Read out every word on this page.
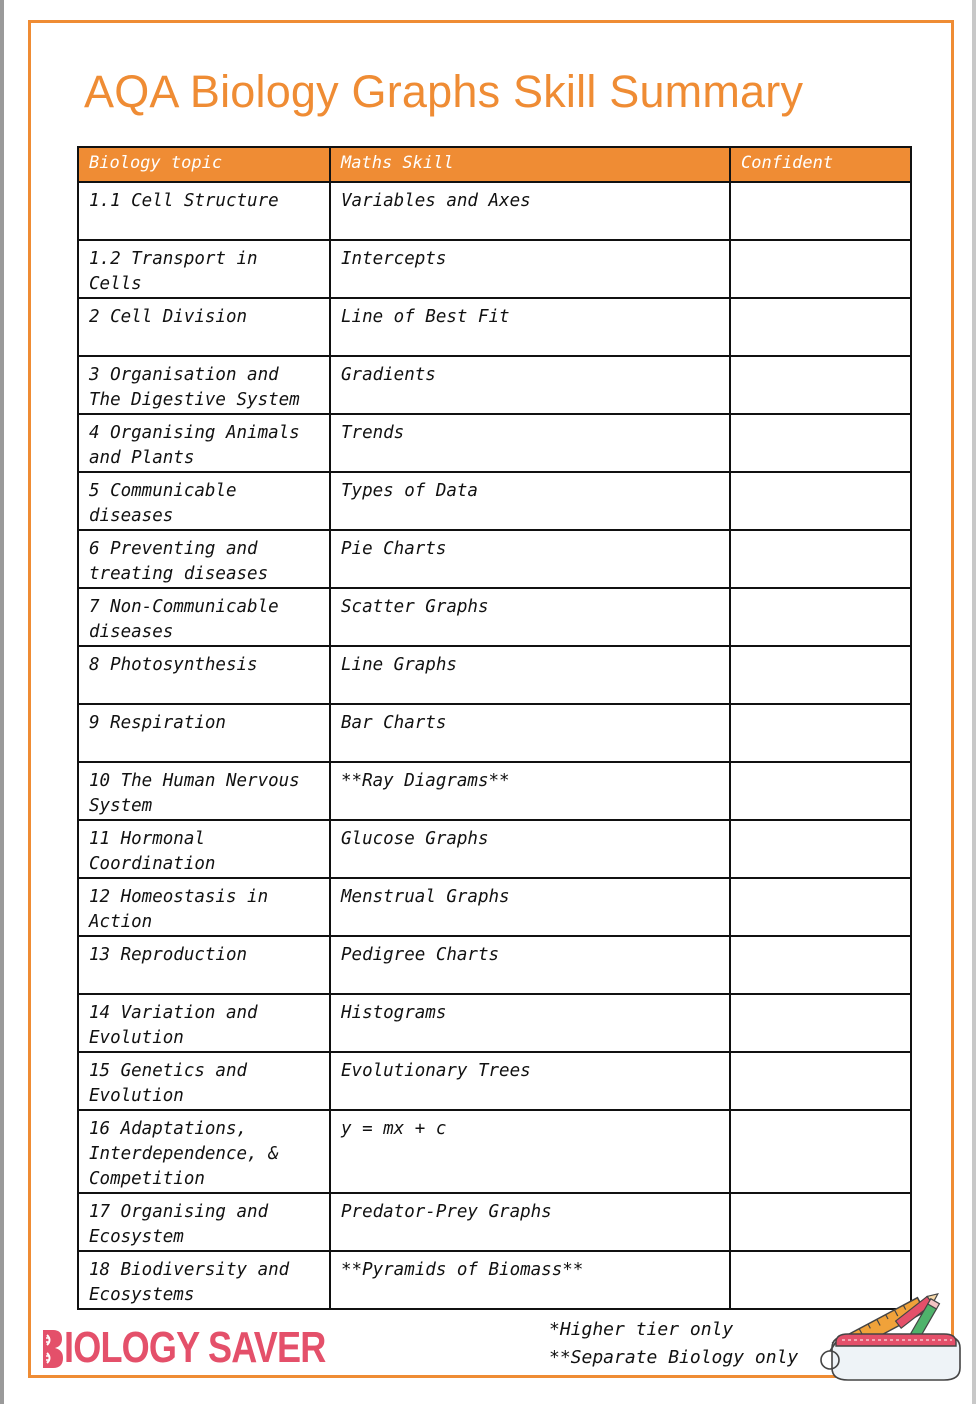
AQA Biology Graphs Skill Summary
Biology topic	Maths Skill	Confident
1.1 Cell Structure	Variables and Axes	
1.2 Transport in Cells	Intercepts	
2 Cell Division	Line of Best Fit	
3 Organisation and The Digestive System	Gradients	
4 Organising Animals and Plants	Trends	
5 Communicable diseases	Types of Data	
6 Preventing and treating diseases	Pie Charts	
7 Non-Communicable diseases	Scatter Graphs	
8 Photosynthesis	Line Graphs	
9 Respiration	Bar Charts	
10 The Human Nervous System	**Ray Diagrams**	
11 Hormonal Coordination	Glucose Graphs	
12 Homeostasis in Action	Menstrual Graphs	
13 Reproduction	Pedigree Charts	
14 Variation and Evolution	Histograms	
15 Genetics and Evolution	Evolutionary Trees	
16 Adaptations, Interdependence, & Competition	y = mx + c	
17 Organising and Ecosystem	Predator-Prey Graphs	
18 Biodiversity and Ecosystems	**Pyramids of Biomass**	
IOLOGY SAVER	*Higher tier only
**Separate Biology only
